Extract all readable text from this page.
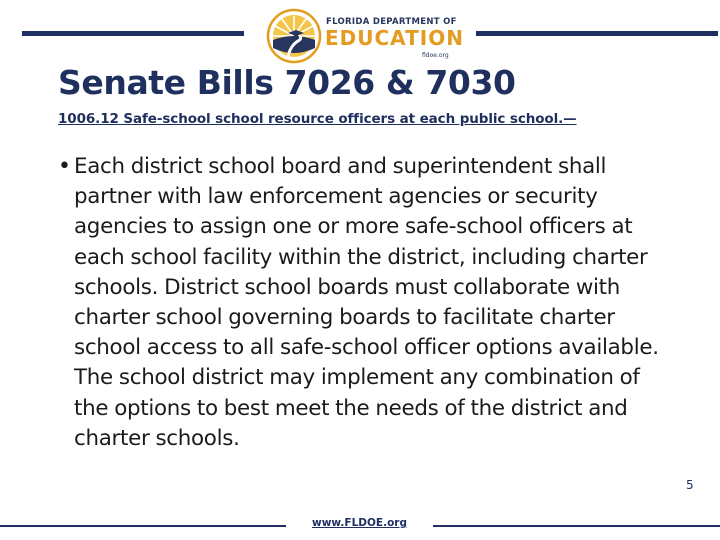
FLORIDA DEPARTMENT OF
EDUCATION
fldoe.org
Senate Bills 7026 & 7030
1006.12 Safe-school school resource officers at each public school.—
• Each district school board and superintendent shall partner with law enforcement agencies or security agencies to assign one or more safe-school officers at each school facility within the district, including charter schools. District school boards must collaborate with charter school governing boards to facilitate charter school access to all safe-school officer options available. The school district may implement any combination of the options to best meet the needs of the district and charter schools.
www.FLDOE.org
5
